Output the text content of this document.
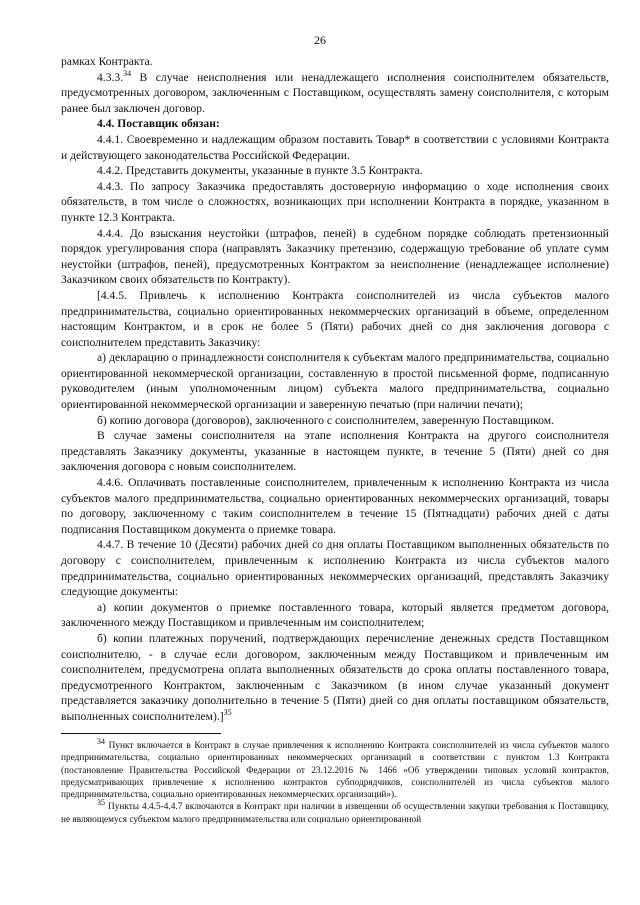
26

рамках Контракта.

4.3.3.34 В случае неисполнения или ненадлежащего исполнения соисполнителем обязательств, предусмотренных договором, заключенным с Поставщиком, осуществлять замену соисполнителя, с которым ранее был заключен договор.

4.4. Поставщик обязан:

4.4.1. Своевременно и надлежащим образом поставить Товар* в соответствии с условиями Контракта и действующего законодательства Российской Федерации.

4.4.2. Представить документы, указанные в пункте 3.5 Контракта.

4.4.3. По запросу Заказчика предоставлять достоверную информацию о ходе исполнения своих обязательств, в том числе о сложностях, возникающих при исполнении Контракта в порядке, указанном в пункте 12.3 Контракта.

4.4.4. До взыскания неустойки (штрафов, пеней) в судебном порядке соблюдать претензионный порядок урегулирования спора (направлять Заказчику претензию, содержащую требование об уплате сумм неустойки (штрафов, пеней), предусмотренных Контрактом за неисполнение (ненадлежащее исполнение) Заказчиком своих обязательств по Контракту).

[4.4.5. Привлечь к исполнению Контракта соисполнителей из числа субъектов малого предпринимательства, социально ориентированных некоммерческих организаций в объеме, определенном настоящим Контрактом, и в срок не более 5 (Пяти) рабочих дней со дня заключения договора с соисполнителем представить Заказчику:

а) декларацию о принадлежности соисполнителя к субъектам малого предпринимательства, социально ориентированной некоммерческой организации, составленную в простой письменной форме, подписанную руководителем (иным уполномоченным лицом) субъекта малого предпринимательства, социально ориентированной некоммерческой организации и заверенную печатью (при наличии печати);

б) копию договора (договоров), заключенного с соисполнителем, заверенную Поставщиком.

В случае замены соисполнителя на этапе исполнения Контракта на другого соисполнителя представлять Заказчику документы, указанные в настоящем пункте, в течение 5 (Пяти) дней со дня заключения договора с новым соисполнителем.

4.4.6. Оплачивать поставленные соисполнителем, привлеченным к исполнению Контракта из числа субъектов малого предпринимательства, социально ориентированных некоммерческих организаций, товары по договору, заключенному с таким соисполнителем в течение 15 (Пятнадцати) рабочих дней с даты подписания Поставщиком документа о приемке товара.

4.4.7. В течение 10 (Десяти) рабочих дней со дня оплаты Поставщиком выполненных обязательств по договору с соисполнителем, привлеченным к исполнению Контракта из числа субъектов малого предпринимательства, социально ориентированных некоммерческих организаций, представлять Заказчику следующие документы:

а) копии документов о приемке поставленного товара, который является предметом договора, заключенного между Поставщиком и привлеченным им соисполнителем;

б) копии платежных поручений, подтверждающих перечисление денежных средств Поставщиком соисполнителю, - в случае если договором, заключенным между Поставщиком и привлеченным им соисполнителем, предусмотрена оплата выполненных обязательств до срока оплаты поставленного товара, предусмотренного Контрактом, заключенным с Заказчиком (в ином случае указанный документ представляется заказчику дополнительно в течение 5 (Пяти) дней со дня оплаты поставщиком обязательств, выполненных соисполнителем).]$^{35}$

$^{34}$ Пункт включается в Контракт в случае привлечения к исполнению Контракта соисполнителей из числа субъектов малого предпринимательства, социально ориентированных некоммерческих организаций в соответствии с пунктом 1.3 Контракта (постановление Правительства Российской Федерации от 23.12.2016 № 1466 «Об утверждении типовых условий контрактов, предусматривающих привлечение к исполнению контрактов субподрядчиков, соисполнителей из числа субъектов малого предпринимательства, социально ориентированных некоммерческих организаций»).

$^{35}$ Пункты 4.4.5-4.4.7 включаются в Контракт при наличии в извещении об осуществлении закупки требования к Поставщику, не являющемуся субъектом малого предпринимательства или социально ориентированной
